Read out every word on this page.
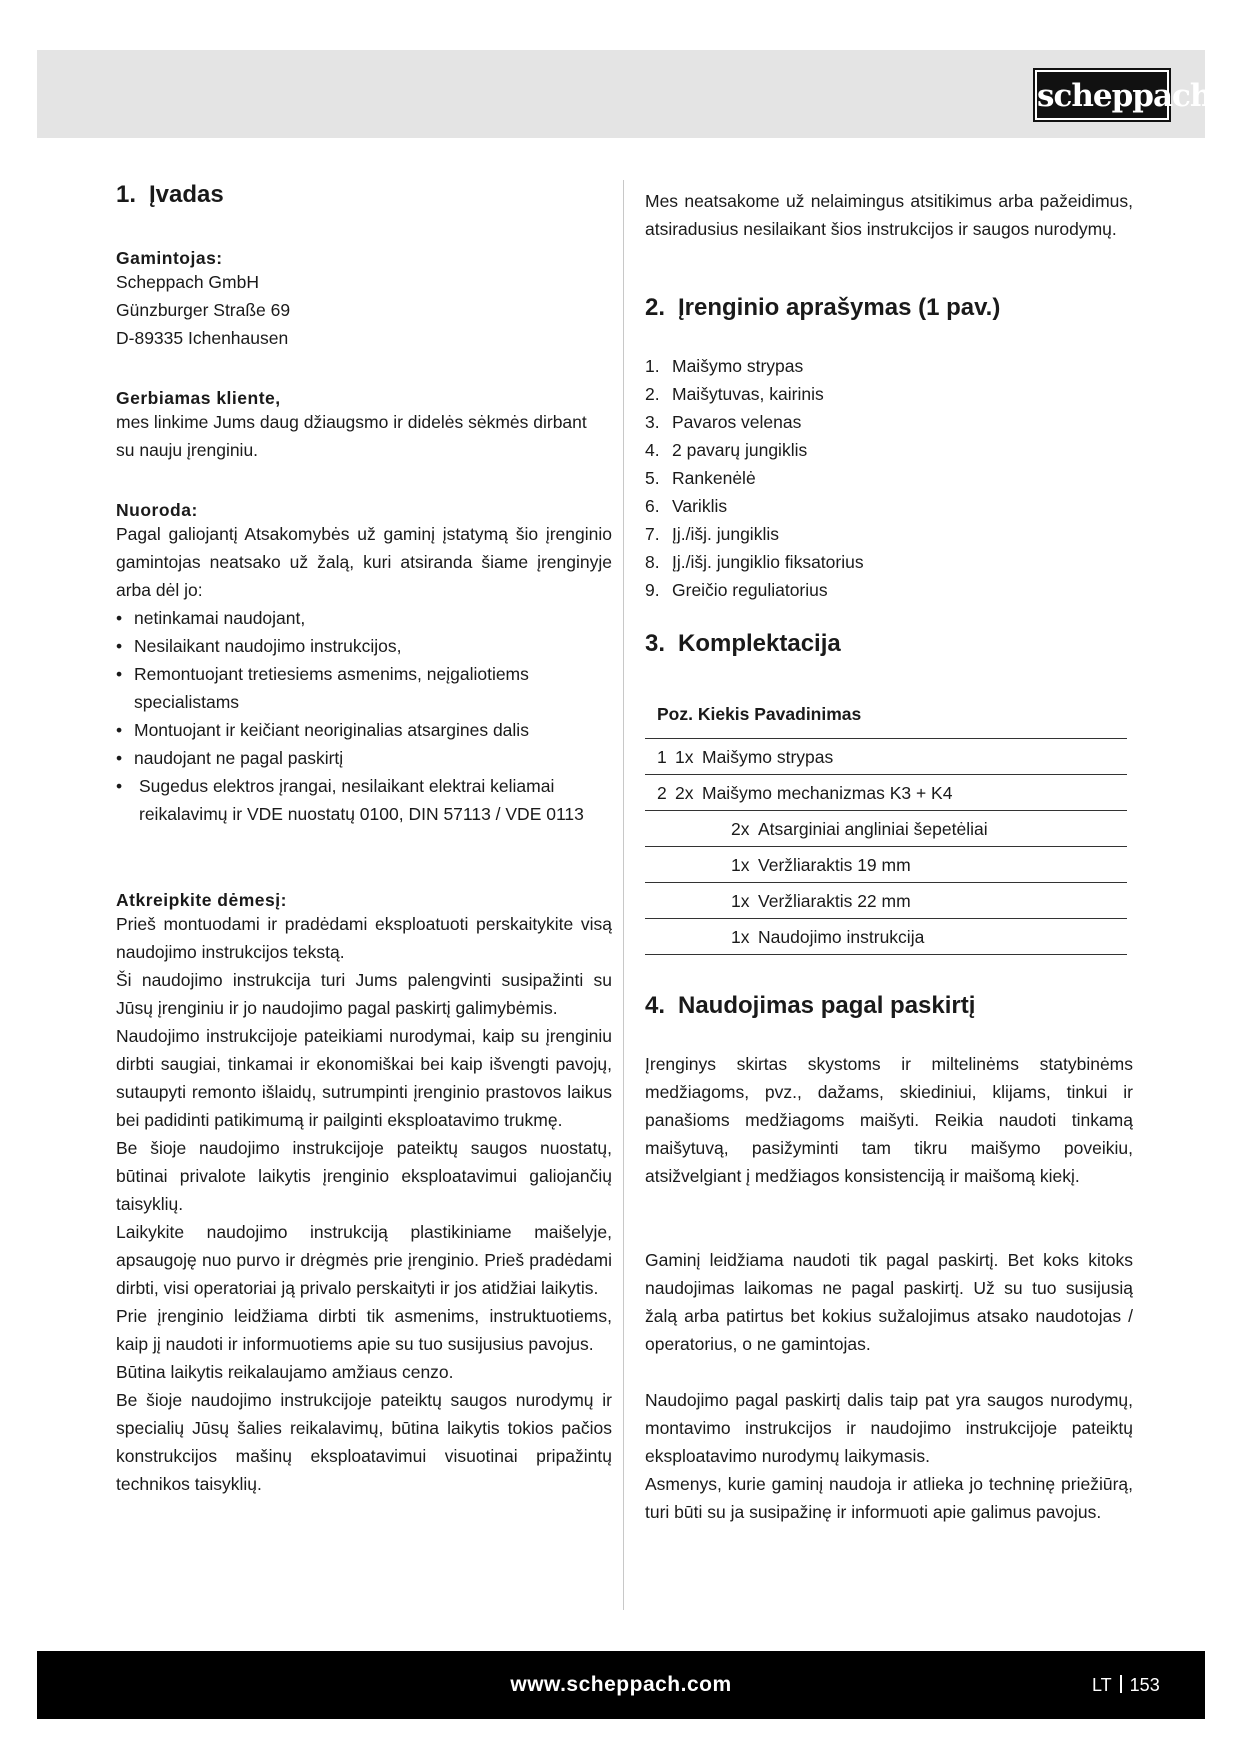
scheppach
1. Įvadas

Gamintojas:

Scheppach GmbH

Günzburger Straße 69

D-89335 Ichenhausen

Gerbiamas kliente,

mes linkime Jums daug džiaugsmo ir didelės sėkmės dirbant su nauju įrenginiu.

Nuoroda:

Pagal galiojantį Atsakomybės už gaminį įstatymą šio įrenginio gamintojas neatsako už žalą, kuri atsiranda šiame įrenginyje arba dėl jo:

• netinkamai naudojant,
• Nesilaikant naudojimo instrukcijos,
• Remontuojant tretiesiems asmenims, neįgaliotiems specialistams
• Montuojant ir keičiant neoriginalias atsargines dalis
• naudojant ne pagal paskirtį
• Sugedus elektros įrangai, nesilaikant elektrai keliamai reikalavimų ir VDE nuostatų 0100, DIN 57113 / VDE 0113

Atkreipkite dėmesį:

Prieš montuodami ir pradėdami eksploatuoti perskaitykite visą naudojimo instrukcijos tekstą.
Ši naudojimo instrukcija turi Jums palengvinti susipažinti su Jūsų įrenginiu ir jo naudojimo pagal paskirtį galimybėmis.
Naudojimo instrukcijoje pateikiami nurodymai, kaip su įrenginiu dirbti saugiai, tinkamai ir ekonomiškai bei kaip išvengti pavojų, sutaupyti remonto išlaidų, sutrumpinti įrenginio prastovos laikus bei padidinti patikimumą ir pailginti eksploatavimo trukmę.
Be šioje naudojimo instrukcijoje pateiktų saugos nuostatų, būtinai privalote laikytis įrenginio eksploatavimui galiojančių taisyklių.
Laikykite naudojimo instrukciją plastikiniame maišelyje, apsaugoję nuo purvo ir drėgmės prie įrenginio. Prieš pradėdami dirbti, visi operatoriai ją privalo perskaityti ir jos atidžiai laikytis.
Prie įrenginio leidžiama dirbti tik asmenims, instruktuotiems, kaip jį naudoti ir informuotiems apie su tuo susijusius pavojus.
Būtina laikytis reikalaujamo amžiaus cenzo.
Be šioje naudojimo instrukcijoje pateiktų saugos nurodymų ir specialių Jūsų šalies reikalavimų, būtina laikytis tokios pačios konstrukcijos mašinų eksploatavimui visuotinai pripažintų technikos taisyklių.

Mes neatsakome už nelaimingus atsitikimus arba pažeidimus, atsiradusius nesilaikant šios instrukcijos ir saugos nurodymų.

2. Įrenginio aprašymas (1 pav.)
1. Maišymo strypas
2. Maišytuvas, kairinis
3. Pavaros velenas
4. 2 pavarų jungiklis
5. Rankenėlė
6. Variklis
7. Įj./išj. jungiklis
8. Įj./išj. jungiklio fiksatorius
9. Greičio reguliatorius
3. Komplektacija
Poz. Kiekis Pavadinimas
1 1x Maišymo strypas
2 2x Maišymo mechanizmas K3 + K4
2x Atsarginiai angliniai šepetėliai
1x Veržliaraktis 19 mm
1x Veržliaraktis 22 mm
1x Naudojimo instrukcija
4. Naudojimas pagal paskirtį

Įrenginys skirtas skystoms ir miltelinėms statybinėms medžiagoms, pvz., dažams, skiediniui, klijams, tinkui ir panašioms medžiagoms maišyti. Reikia naudoti tinkamą maišytuvą, pasižyminti tam tikru maišymo poveikiu, atsižvelgiant į medžiagos konsistenciją ir maišomą kiekį.

Gaminį leidžiama naudoti tik pagal paskirtį. Bet koks kitoks naudojimas laikomas ne pagal paskirtį. Už su tuo susijusią žalą arba patirtus bet kokius sužalojimus atsako naudotojas / operatorius, o ne gamintojas.

Naudojimo pagal paskirtį dalis taip pat yra saugos nurodymų, montavimo instrukcijos ir naudojimo instrukcijoje pateiktų eksploatavimo nurodymų laikymasis.
Asmenys, kurie gaminį naudoja ir atlieka jo techninę priežiūrą, turi būti su ja susipažinę ir informuoti apie galimus pavojus.
www.scheppach.com	LT 153
